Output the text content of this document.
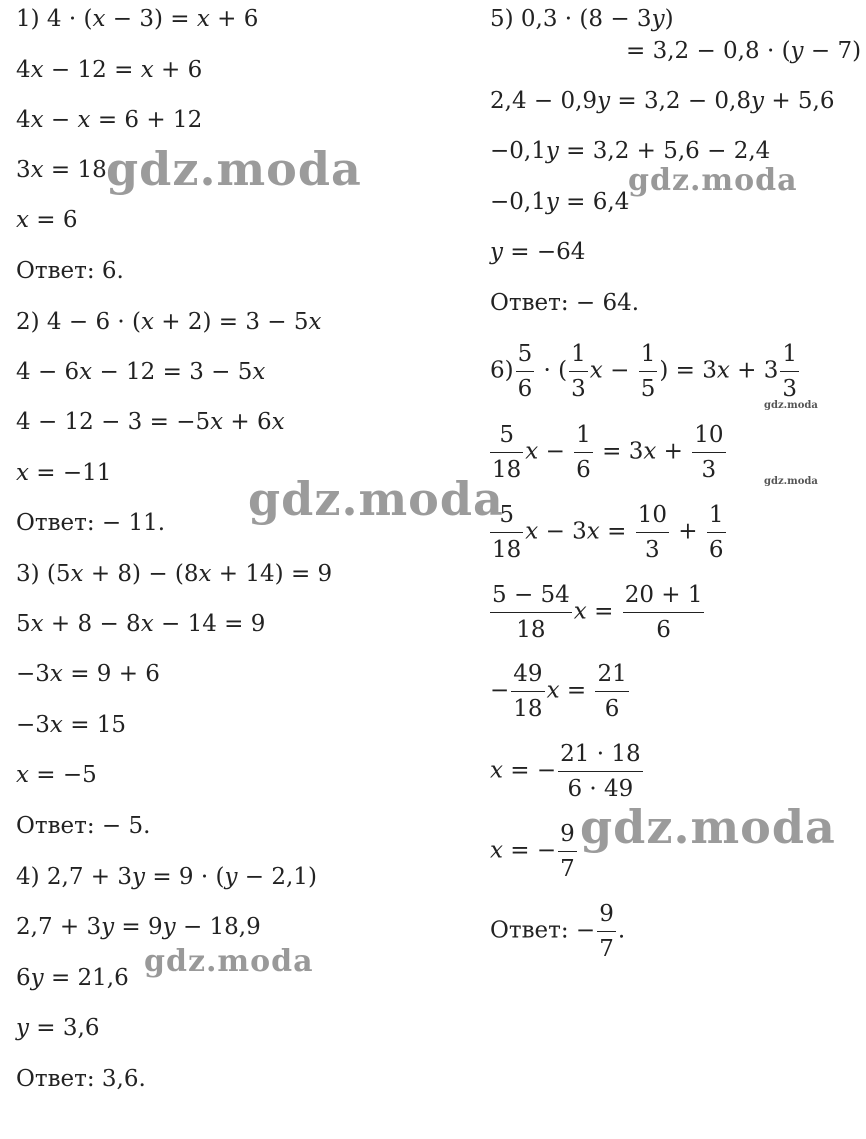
1) 4 · (x − 3) = x + 6
4x − 12 = x + 6
4x − x = 6 + 12
3x = 18
x = 6
Ответ: 6.
2) 4 − 6 · (x + 2) = 3 − 5x
4 − 6x − 12 = 3 − 5x
4 − 12 − 3 = −5x + 6x
x = −11
Ответ: − 11.
3) (5x + 8) − (8x + 14) = 9
5x + 8 − 8x − 14 = 9
−3x = 9 + 6
−3x = 15
x = −5
Ответ: − 5.
4) 2,7 + 3y = 9 · (y − 2,1)
2,7 + 3y = 9y − 18,9
6y = 21,6
y = 3,6
Ответ: 3,6.
5) 0,3 · (8 − 3y)
= 3,2 − 0,8 · (y − 7)
2,4 − 0,9y = 3,2 − 0,8y + 5,6
−0,1y = 3,2 + 5,6 − 2,4
−0,1y = 6,4
y = −64
Ответ: − 64.
$6) \frac{5}{6}$ · ( $\frac{1}{3}$ $x - \frac{1}{5}$ ) = $3x + 3 \frac{1}{3}$
$\frac{5}{18}$ $x - \frac{1}{6} = 3x + \frac{10}{3}$
$\frac{5}{18}$ $x - 3x = \frac{10}{3} + \frac{1}{6}$
$\frac{5 - 54}{18}$ $x = \frac{20 + 1}{6}$
− $\frac{49}{18}$ $x = \frac{21}{6}$
x = − $\frac{21 \cdot 18}{6 \cdot 49}$
x = − $\frac{9}{7}$
Ответ: − $\frac{9}{7}$ .
gdz.moda	gdz.moda
gdz.moda
gdz.moda
gdz.moda
gdz.moda
gdz.moda
